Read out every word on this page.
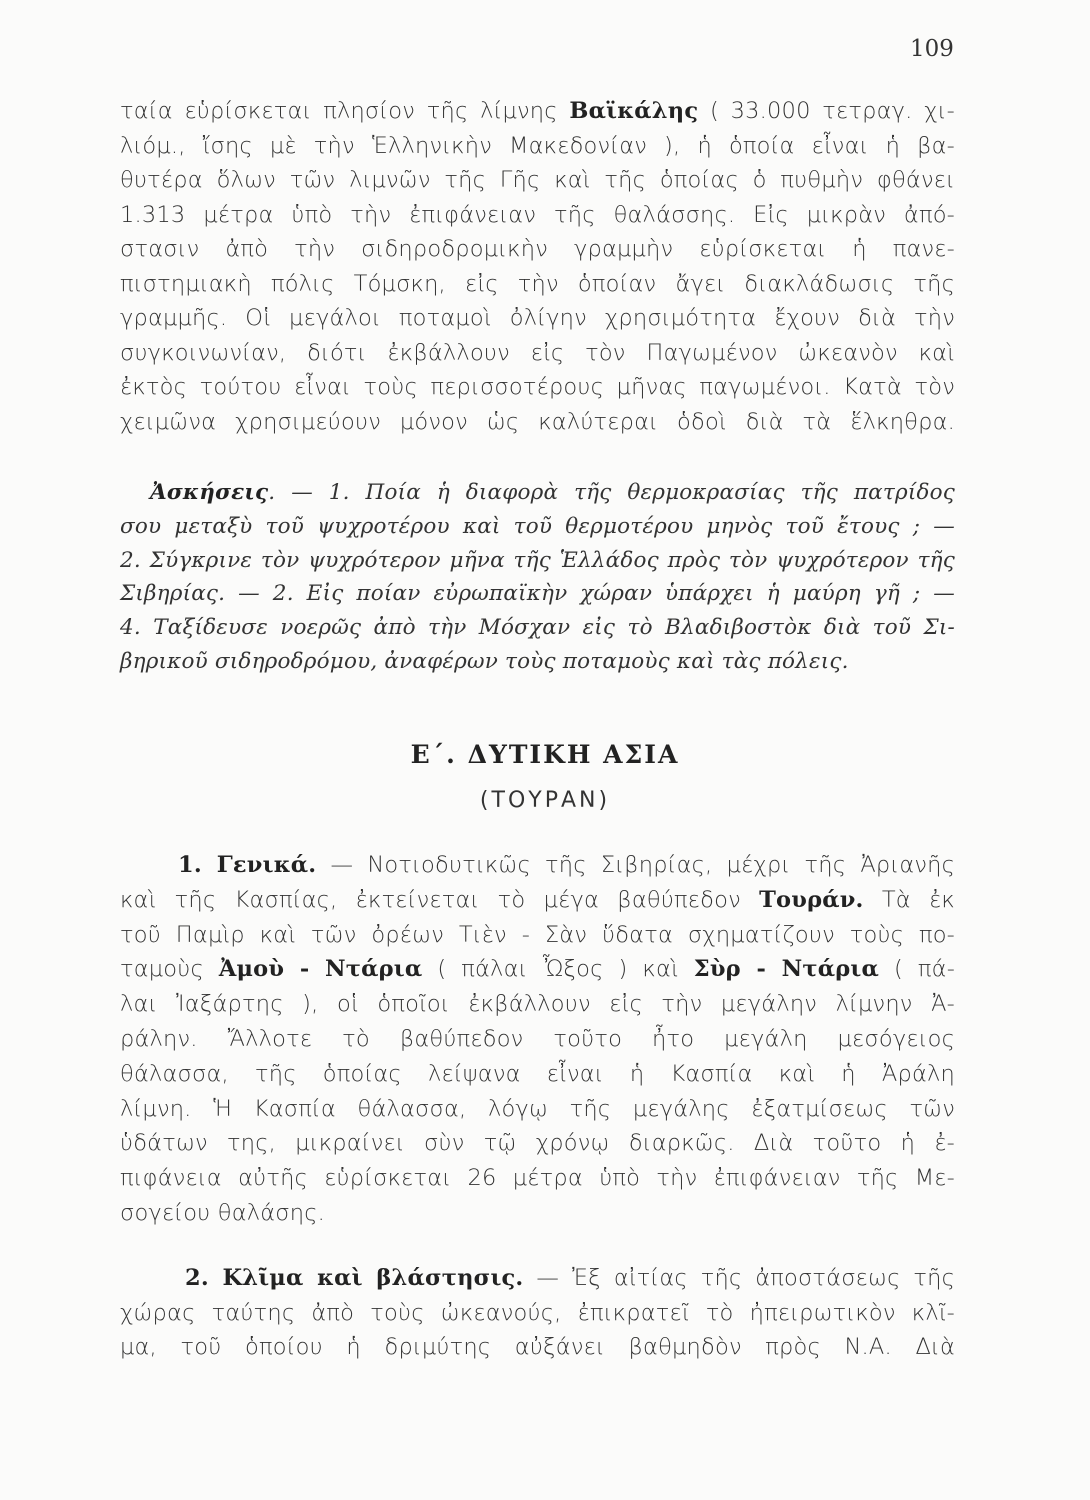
109
ταία εὑρίσκεται πλησίον τῆς λίμνης Βαϊκάλης ( 33.000 τετραγ. χι-
λιόμ., ἴσης μὲ τὴν Ἑλληνικὴν Μακεδονίαν ), ἡ ὁποία εἶναι ἡ βα-
θυτέρα ὅλων τῶν λιμνῶν τῆς Γῆς καὶ τῆς ὁποίας ὁ πυθμὴν φθάνει
1.313 μέτρα ὑπὸ τὴν ἐπιφάνειαν τῆς θαλάσσης. Εἰς μικρὰν ἀπό-
στασιν ἀπὸ τὴν σιδηροδρομικὴν γραμμὴν εὑρίσκεται ἡ πανε-
πιστημιακὴ πόλις Τόμσκη, εἰς τὴν ὁποίαν ἄγει διακλάδωσις τῆς
γραμμῆς. Οἱ μεγάλοι ποταμοὶ ὀλίγην χρησιμότητα ἔχουν διὰ τὴν
συγκοινωνίαν, διότι ἐκβάλλουν εἰς τὸν Παγωμένον ὠκεανὸν καὶ
ἐκτὸς τούτου εἶναι τοὺς περισσοτέρους μῆνας παγωμένοι. Κατὰ τὸν
χειμῶνα χρησιμεύουν μόνον ὡς καλύτεραι ὁδοὶ διὰ τὰ ἕλκηθρα.
Ἀσκήσεις. — 1. Ποία ἡ διαφορὰ τῆς θερμοκρασίας τῆς πατρίδος
σου μεταξὺ τοῦ ψυχροτέρου καὶ τοῦ θερμοτέρου μηνὸς τοῦ ἔτους ; —
2. Σύγκρινε τὸν ψυχρότερον μῆνα τῆς Ἑλλάδος πρὸς τὸν ψυχρότερον τῆς
Σιβηρίας. — 2. Εἰς ποίαν εὐρωπαϊκὴν χώραν ὑπάρχει ἡ μαύρη γῆ ; —
4. Ταξίδευσε νοερῶς ἀπὸ τὴν Μόσχαν εἰς τὸ Βλαδιβοστὸκ διὰ τοῦ Σι-
βηρικοῦ σιδηροδρόμου, ἀναφέρων τοὺς ποταμοὺς καὶ τὰς πόλεις.
Ε΄. ΔΥΤΙΚΗ ΑΣΙΑ
(ΤΟΥΡΑΝ)
1. Γενικά. — Νοτιοδυτικῶς τῆς Σιβηρίας, μέχρι τῆς Ἀριανῆς
καὶ τῆς Κασπίας, ἐκτείνεται τὸ μέγα βαθύπεδον Τουράν. Τὰ ἐκ
τοῦ Παμὶρ καὶ τῶν ὀρέων Τιὲν - Σὰν ὕδατα σχηματίζουν τοὺς πο-
ταμοὺς Ἀμοὺ - Ντάρια ( πάλαι Ὦξος ) καὶ Σὺρ - Ντάρια ( πά-
λαι Ἰαξάρτης ), οἱ ὁποῖοι ἐκβάλλουν εἰς τὴν μεγάλην λίμνην Ἀ-
ράλην. Ἄλλοτε τὸ βαθύπεδον τοῦτο ἦτο μεγάλη μεσόγειος
θάλασσα, τῆς ὁποίας λείψανα εἶναι ἡ Κασπία καὶ ἡ Ἀράλη
λίμνη. Ἡ Κασπία θάλασσα, λόγῳ τῆς μεγάλης ἐξατμίσεως τῶν
ὑδάτων της, μικραίνει σὺν τῷ χρόνῳ διαρκῶς. Διὰ τοῦτο ἡ ἐ-
πιφάνεια αὐτῆς εὑρίσκεται 26 μέτρα ὑπὸ τὴν ἐπιφάνειαν τῆς Με-
σογείου θαλάσης.
2. Κλῖμα καὶ βλάστησις. — Ἐξ αἰτίας τῆς ἀποστάσεως τῆς
χώρας ταύτης ἀπὸ τοὺς ὠκεανούς, ἐπικρατεῖ τὸ ἠπειρωτικὸν κλῖ-
μα, τοῦ ὁποίου ἡ δριμύτης αὐξάνει βαθμηδὸν πρὸς Ν.Α. Διὰ
